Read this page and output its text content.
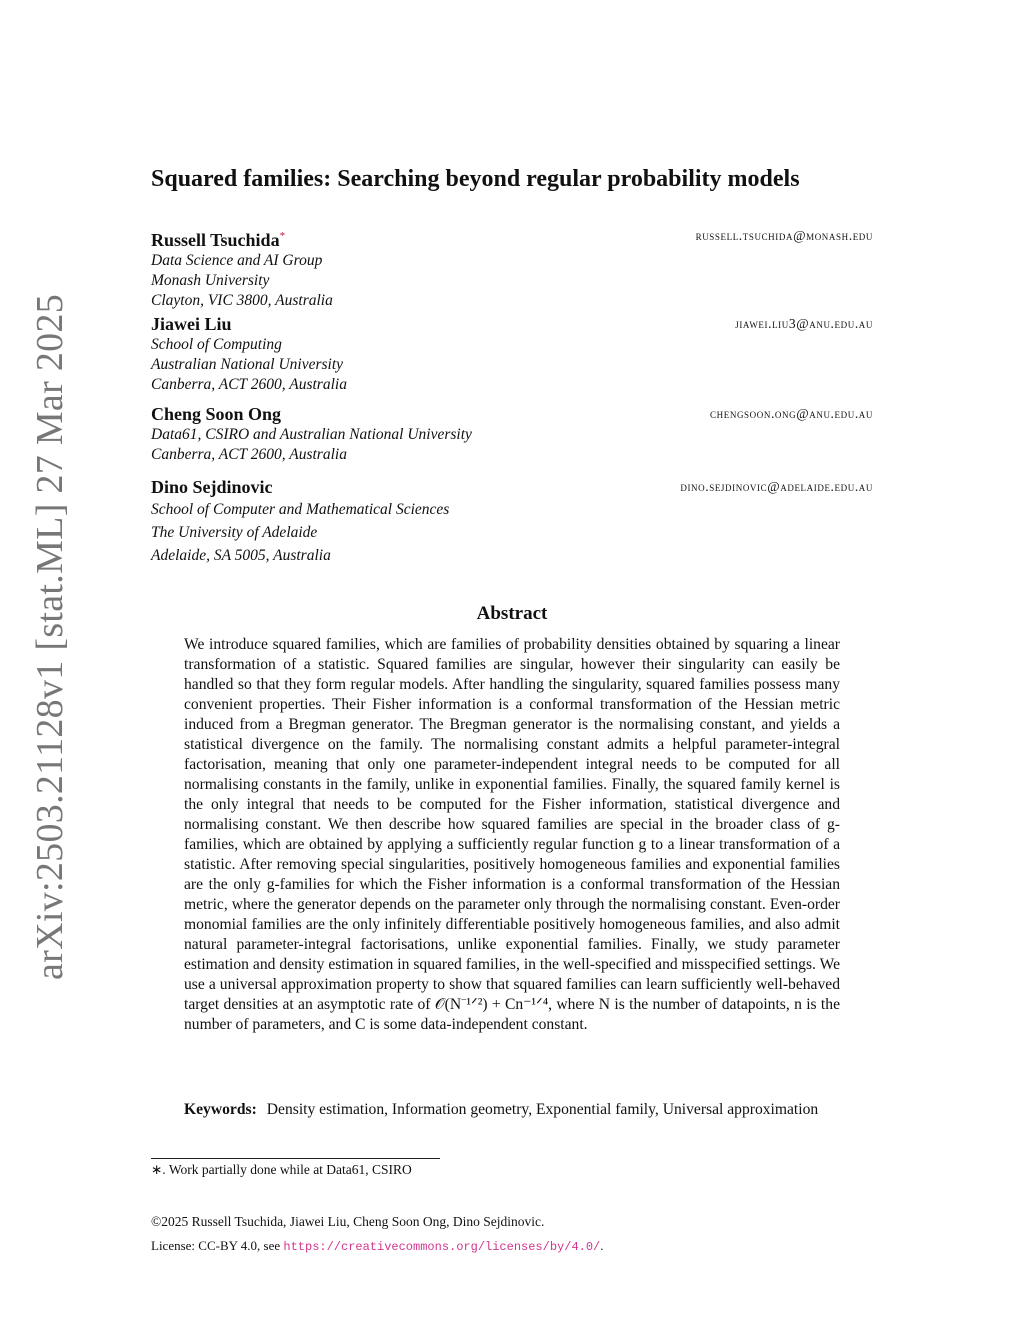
arXiv:2503.21128v1 [stat.ML] 27 Mar 2025
Squared families: Searching beyond regular probability models
Russell Tsuchida*	russell.tsuchida@monash.edu
Data Science and AI Group
Monash University
Clayton, VIC 3800, Australia
Jiawei Liu	jiawei.liu3@anu.edu.au
School of Computing
Australian National University
Canberra, ACT 2600, Australia
Cheng Soon Ong	chengsoon.ong@anu.edu.au
Data61, CSIRO and Australian National University
Canberra, ACT 2600, Australia
Dino Sejdinovic	dino.sejdinovic@adelaide.edu.au
School of Computer and Mathematical Sciences
The University of Adelaide
Adelaide, SA 5005, Australia
Abstract
We introduce squared families, which are families of probability densities obtained by squaring a linear transformation of a statistic. Squared families are singular, however their singularity can easily be handled so that they form regular models. After handling the singularity, squared families possess many convenient properties. Their Fisher information is a conformal transformation of the Hessian metric induced from a Bregman generator. The Bregman generator is the normalising constant, and yields a statistical divergence on the family. The normalising constant admits a helpful parameter-integral factorisation, meaning that only one parameter-independent integral needs to be computed for all normalising constants in the family, unlike in exponential families. Finally, the squared family kernel is the only integral that needs to be computed for the Fisher information, statistical divergence and normalising constant. We then describe how squared families are special in the broader class of g-families, which are obtained by applying a sufficiently regular function g to a linear transformation of a statistic. After removing special singularities, positively homogeneous families and exponential families are the only g-families for which the Fisher information is a conformal transformation of the Hessian metric, where the generator depends on the parameter only through the normalising constant. Even-order monomial families are the only infinitely differentiable positively homogeneous families, and also admit natural parameter-integral factorisations, unlike exponential families. Finally, we study parameter estimation and density estimation in squared families, in the well-specified and misspecified settings. We use a universal approximation property to show that squared families can learn sufficiently well-behaved target densities at an asymptotic rate of 𝒪(N⁻¹ᐟ²) + Cn⁻¹ᐟ⁴, where N is the number of datapoints, n is the number of parameters, and C is some data-independent constant.
Keywords: Density estimation, Information geometry, Exponential family, Universal approximation
∗. Work partially done while at Data61, CSIRO
©2025 Russell Tsuchida, Jiawei Liu, Cheng Soon Ong, Dino Sejdinovic.
License: CC-BY 4.0, see https://creativecommons.org/licenses/by/4.0/.
